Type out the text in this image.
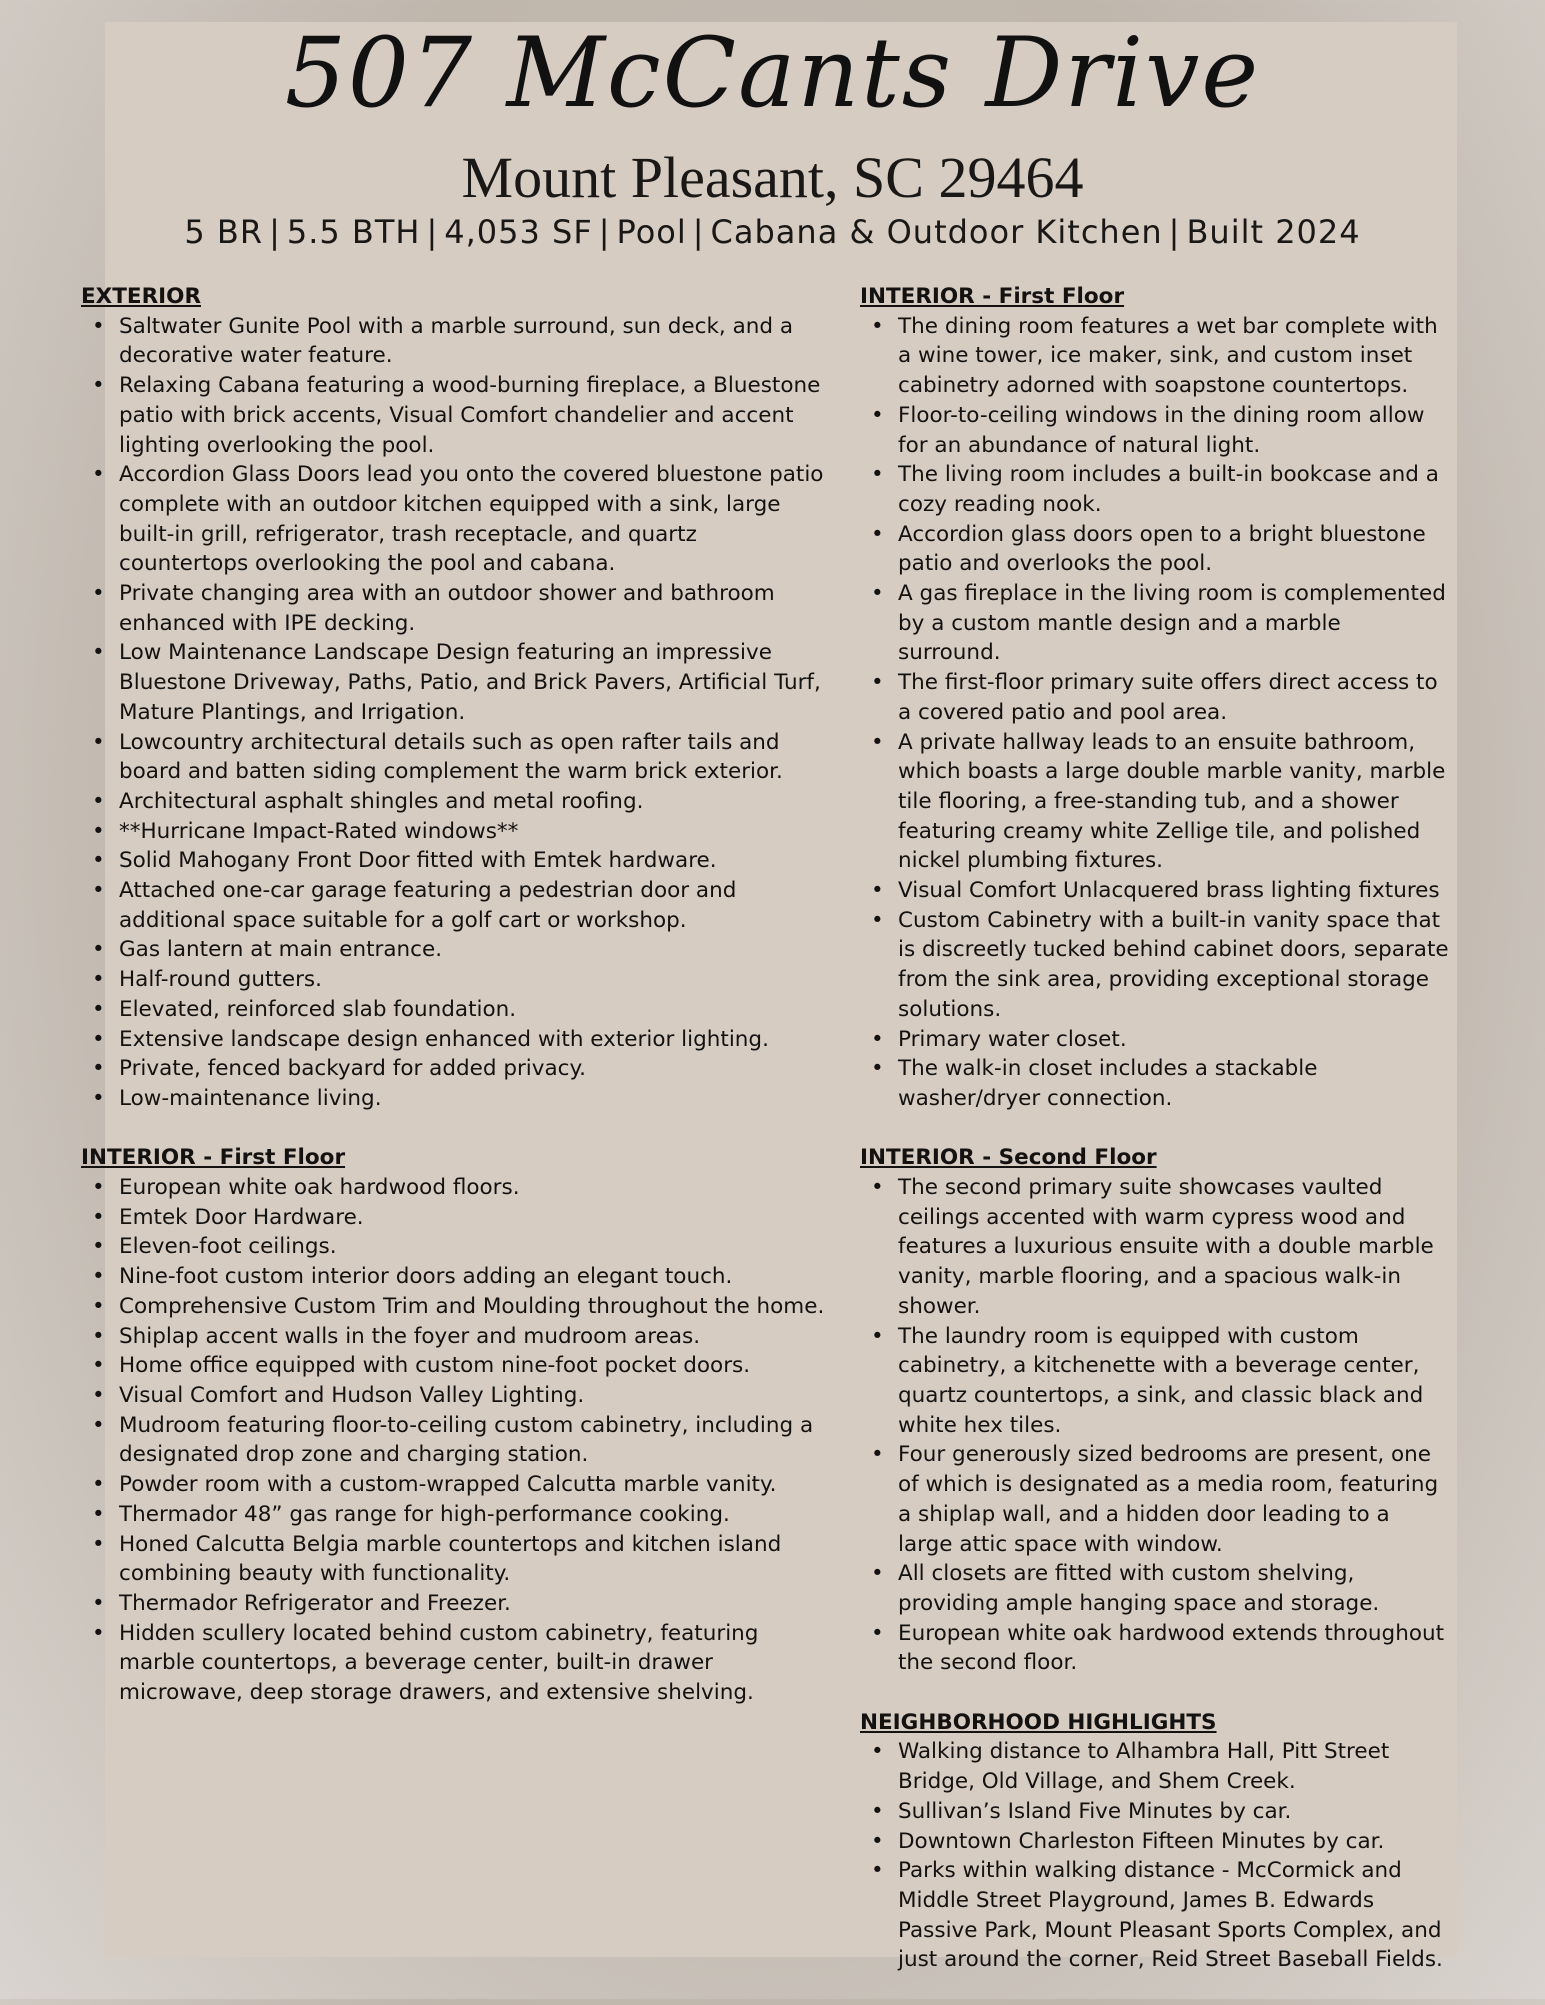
507 McCants Drive
Mount Pleasant, SC 29464
5 BR | 5.5 BTH | 4,053 SF | Pool | Cabana & Outdoor Kitchen | Built 2024

EXTERIOR

• Saltwater Gunite Pool with a marble surround, sun deck, and a decorative water feature.
• Relaxing Cabana featuring a wood-burning fireplace, a Bluestone patio with brick accents, Visual Comfort chandelier and accent lighting overlooking the pool.
• Accordion Glass Doors lead you onto the covered bluestone patio complete with an outdoor kitchen equipped with a sink, large built-in grill, refrigerator, trash receptacle, and quartz countertops overlooking the pool and cabana.
• Private changing area with an outdoor shower and bathroom enhanced with IPE decking.
• Low Maintenance Landscape Design featuring an impressive Bluestone Driveway, Paths, Patio, and Brick Pavers, Artificial Turf, Mature Plantings, and Irrigation.
• Lowcountry architectural details such as open rafter tails and board and batten siding complement the warm brick exterior.
• Architectural asphalt shingles and metal roofing.
• **Hurricane Impact-Rated windows**
• Solid Mahogany Front Door fitted with Emtek hardware.
• Attached one-car garage featuring a pedestrian door and additional space suitable for a golf cart or workshop.
• Gas lantern at main entrance.
• Half-round gutters.
• Elevated, reinforced slab foundation.
• Extensive landscape design enhanced with exterior lighting.
• Private, fenced backyard for added privacy.
• Low-maintenance living.

INTERIOR - First Floor

• European white oak hardwood floors.
• Emtek Door Hardware.
• Eleven-foot ceilings.
• Nine-foot custom interior doors adding an elegant touch.
• Comprehensive Custom Trim and Moulding throughout the home.
• Shiplap accent walls in the foyer and mudroom areas.
• Home office equipped with custom nine-foot pocket doors.
• Visual Comfort and Hudson Valley Lighting.
• Mudroom featuring floor-to-ceiling custom cabinetry, including a designated drop zone and charging station.
• Powder room with a custom-wrapped Calcutta marble vanity.
• Thermador 48” gas range for high-performance cooking.
• Honed Calcutta Belgia marble countertops and kitchen island combining beauty with functionality.
• Thermador Refrigerator and Freezer.
• Hidden scullery located behind custom cabinetry, featuring marble countertops, a beverage center, built-in drawer microwave, deep storage drawers, and extensive shelving.

INTERIOR - First Floor

• The dining room features a wet bar complete with a wine tower, ice maker, sink, and custom inset cabinetry adorned with soapstone countertops.
• Floor-to-ceiling windows in the dining room allow for an abundance of natural light.
• The living room includes a built-in bookcase and a cozy reading nook.
• Accordion glass doors open to a bright bluestone patio and overlooks the pool.
• A gas fireplace in the living room is complemented by a custom mantle design and a marble surround.
• The first-floor primary suite offers direct access to a covered patio and pool area.
• A private hallway leads to an ensuite bathroom, which boasts a large double marble vanity, marble tile flooring, a free-standing tub, and a shower featuring creamy white Zellige tile, and polished nickel plumbing fixtures.
• Visual Comfort Unlacquered brass lighting fixtures
• Custom Cabinetry with a built-in vanity space that is discreetly tucked behind cabinet doors, separate from the sink area, providing exceptional storage solutions.
• Primary water closet.
• The walk-in closet includes a stackable washer/dryer connection.

INTERIOR - Second Floor

• The second primary suite showcases vaulted ceilings accented with warm cypress wood and features a luxurious ensuite with a double marble vanity, marble flooring, and a spacious walk-in shower.
• The laundry room is equipped with custom cabinetry, a kitchenette with a beverage center, quartz countertops, a sink, and classic black and white hex tiles.
• Four generously sized bedrooms are present, one of which is designated as a media room, featuring a shiplap wall, and a hidden door leading to a large attic space with window.
• All closets are fitted with custom shelving, providing ample hanging space and storage.
• European white oak hardwood extends throughout the second floor.

NEIGHBORHOOD HIGHLIGHTS

• Walking distance to Alhambra Hall, Pitt Street Bridge, Old Village, and Shem Creek.
• Sullivan’s Island Five Minutes by car.
• Downtown Charleston Fifteen Minutes by car.
• Parks within walking distance - McCormick and Middle Street Playground, James B. Edwards Passive Park, Mount Pleasant Sports Complex, and just around the corner, Reid Street Baseball Fields.
